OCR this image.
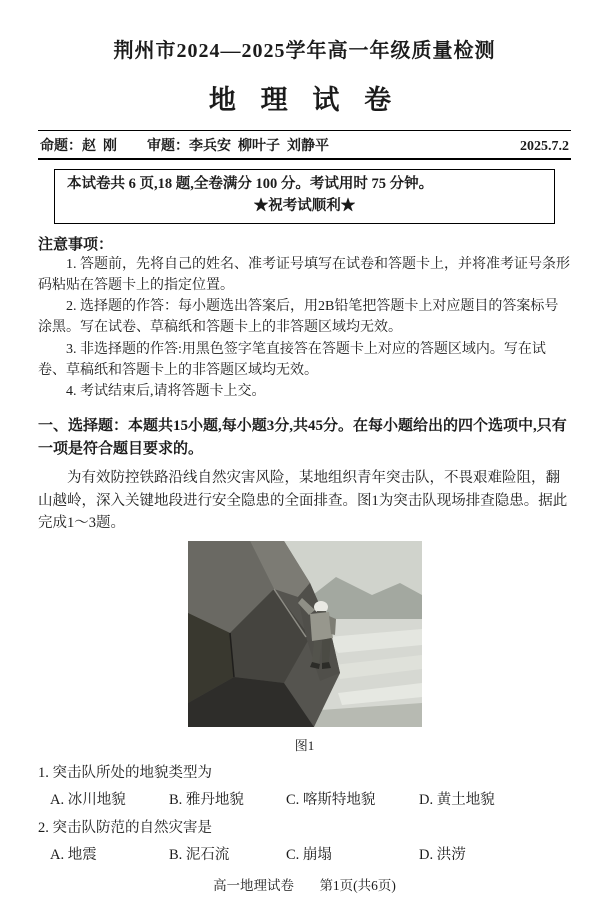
荆州市2024—2025学年高一年级质量检测
地 理 试 卷
命题：赵  刚 审题：李兵安  柳叶子  刘静平	2025.7.2
本试卷共 6 页,18 题,全卷满分 100 分。考试用时 75 分钟。
★祝考试顺利★
注意事项：
1. 答题前，先将自己的姓名、准考证号填写在试卷和答题卡上，并将准考证号条形码粘贴在答题卡上的指定位置。
2. 选择题的作答：每小题选出答案后，用2B铅笔把答题卡上对应题目的答案标号涂黑。写在试卷、草稿纸和答题卡上的非答题区域均无效。
3. 非选择题的作答:用黑色签字笔直接答在答题卡上对应的答题区域内。写在试卷、草稿纸和答题卡上的非答题区域均无效。
4. 考试结束后,请将答题卡上交。
一、选择题：本题共15小题,每小题3分,共45分。在每小题给出的四个选项中,只有一项是符合题目要求的。
为有效防控铁路沿线自然灾害风险，某地组织青年突击队，不畏艰难险阻，翻山越岭，深入关键地段进行安全隐患的全面排查。图1为突击队现场排查隐患。据此完成1～3题。
图1
1. 突击队所处的地貌类型为
A. 冰川地貌	B. 雅丹地貌	C. 喀斯特地貌	D. 黄土地貌
2. 突击队防范的自然灾害是
A. 地震	B. 泥石流	C. 崩塌	D. 洪涝
高一地理试卷 第1页(共6页)
